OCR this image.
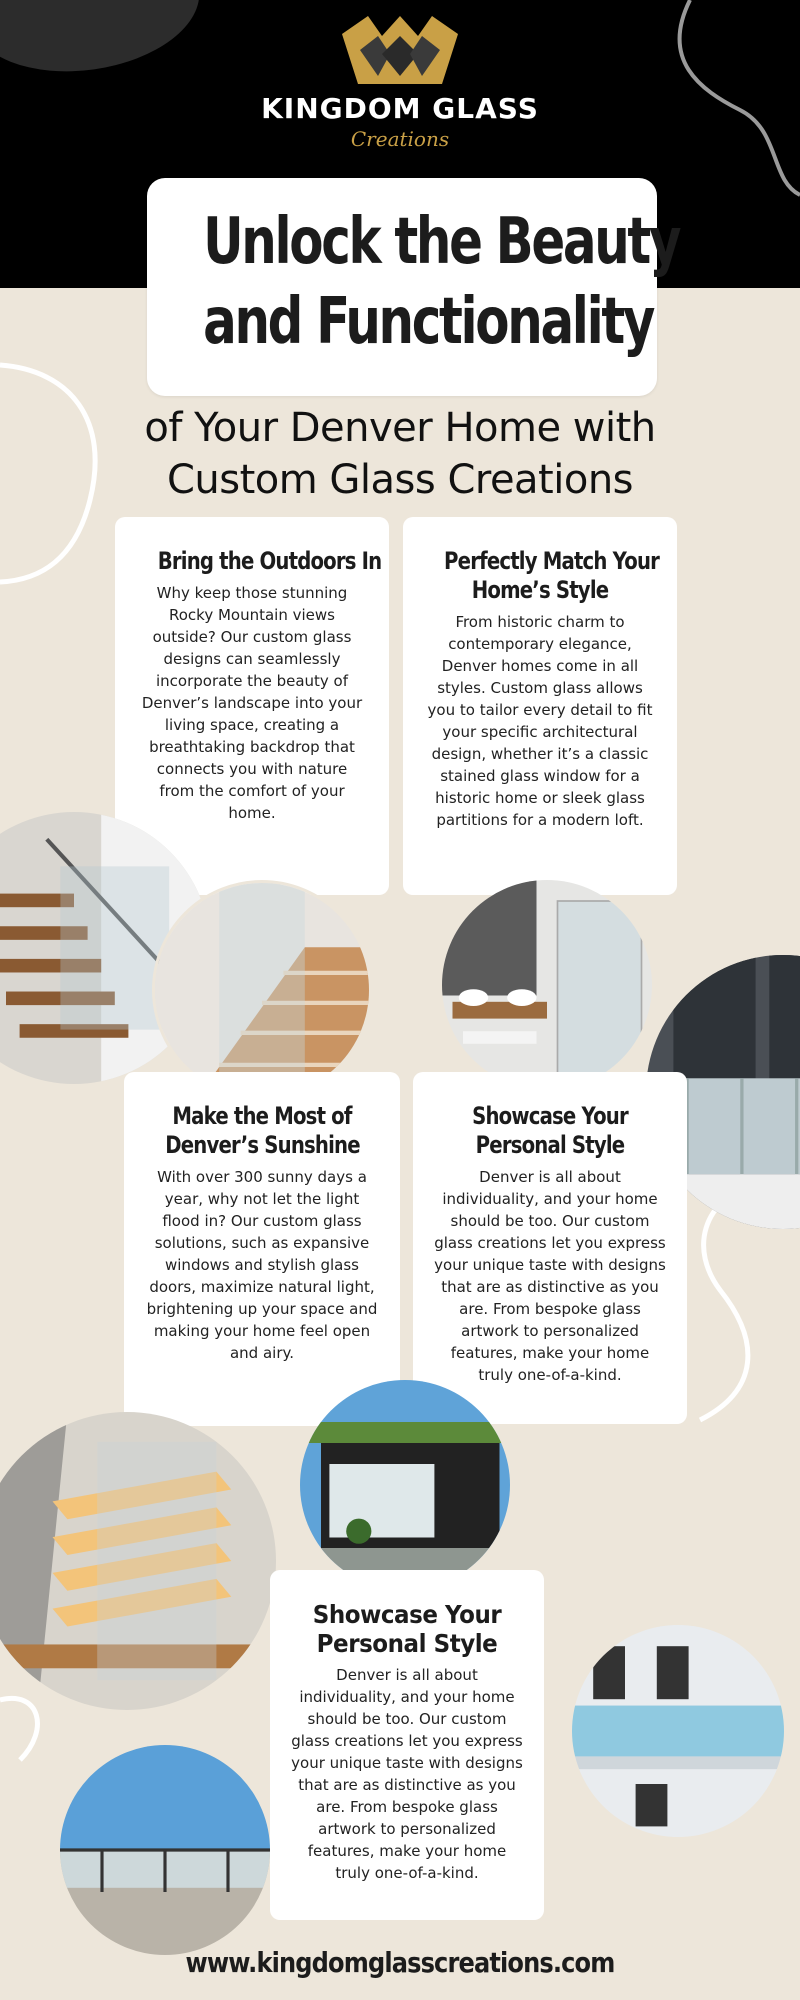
KINGDOM GLASS
Creations
Unlock the Beauty
and Functionality
of Your Denver Home with
Custom Glass Creations
Bring the Outdoors In

Why keep those stunning Rocky Mountain views outside? Our custom glass designs can seamlessly incorporate the beauty of Denver’s landscape into your living space, creating a breathtaking backdrop that connects you with nature from the comfort of your home.

Perfectly Match Your
Home’s Style

From historic charm to contemporary elegance, Denver homes come in all styles. Custom glass allows you to tailor every detail to fit your specific architectural design, whether it’s a classic stained glass window for a historic home or sleek glass partitions for a modern loft.

Make the Most of
Denver’s Sunshine

With over 300 sunny days a year, why not let the light flood in? Our custom glass solutions, such as expansive windows and stylish glass doors, maximize natural light, brightening up your space and making your home feel open and airy.

Showcase Your
Personal Style

Denver is all about individuality, and your home should be too. Our custom glass creations let you express your unique taste with designs that are as distinctive as you are. From bespoke glass artwork to personalized features, make your home truly one-of-a-kind.

Showcase Your
Personal Style

Denver is all about individuality, and your home should be too. Our custom glass creations let you express your unique taste with designs that are as distinctive as you are. From bespoke glass artwork to personalized features, make your home truly one-of-a-kind.

www.kingdomglasscreations.com
